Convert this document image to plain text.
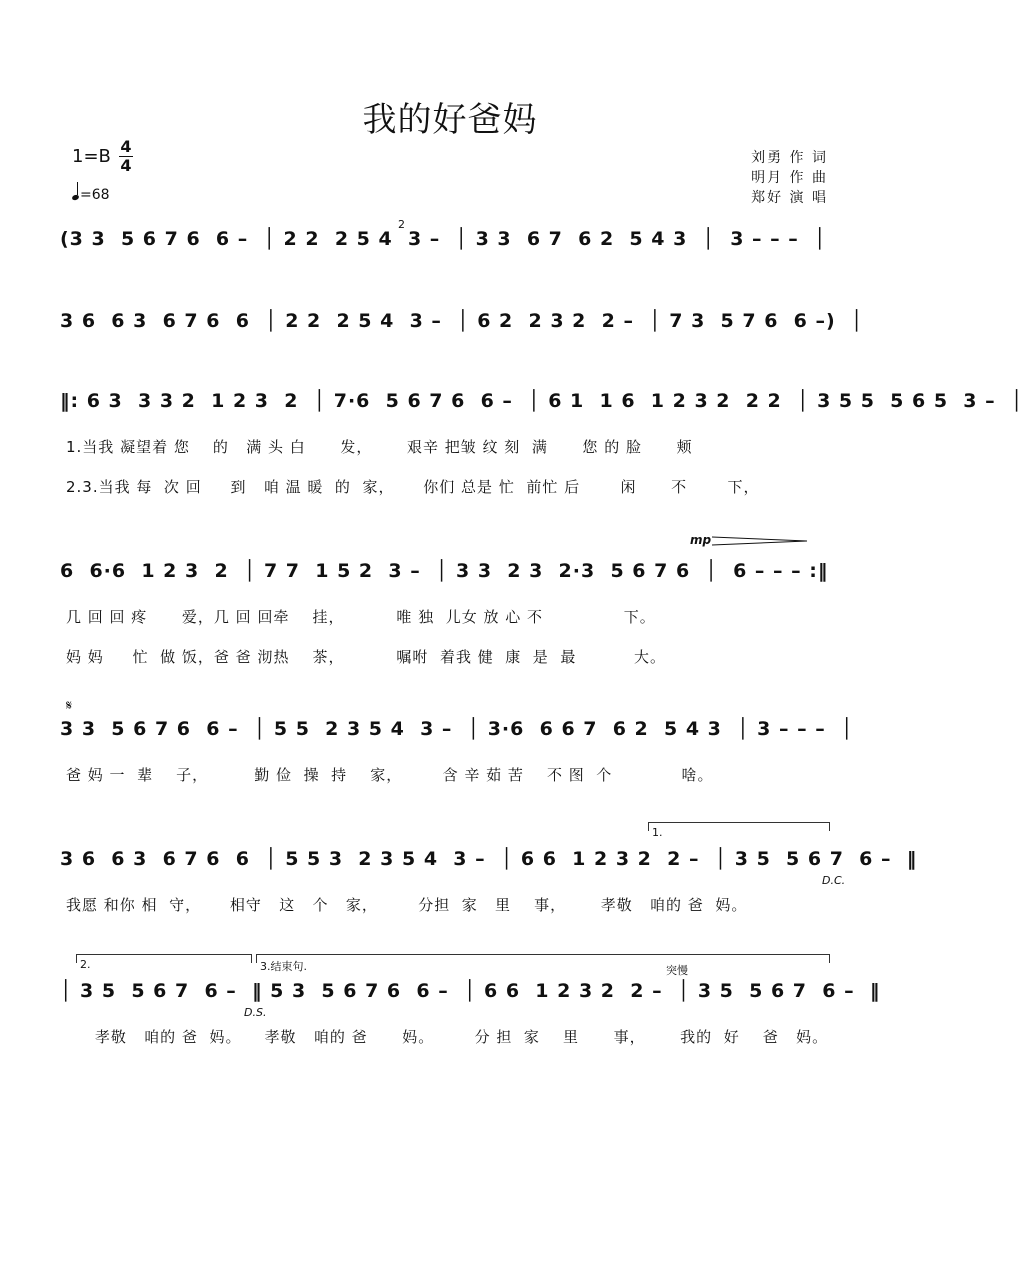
我的好爸妈
1=B 4
4
=68
刘勇 作 词
明月 作 曲
郑好 演 唱
(3 3  5 6 7 6  6 –  │ 2 2  2 5 4  3 –  │ 3 3  6 7  6 2  5 4 3  │  3 – – –  │
2
3 6  6 3  6 7 6  6  │ 2 2  2 5 4  3 –  │ 6 2  2 3 2  2 –  │ 7 3  5 7 6  6 –)  │
‖: 6 3  3 3 2  1 2 3  2  │ 7·6  5 6 7 6  6 –  │ 6 1  1 6  1 2 3 2  2 2  │ 3 5 5  5 6 5  3 –  │
1.当我 凝望着 您    的   满 头 白      发，      艰辛 把皱 纹 刻  满      您 的 脸      颊
2.3.当我 每  次 回     到   咱 温 暖  的  家，     你们 总是 忙  前忙 后       闲      不       下，
mp
6  6·6  1 2 3  2  │ 7 7  1 5 2  3 –  │ 3 3  2 3  2·3  5 6 7 6  │  6 – – – :‖
几 回 回 疼      爱，几 回 回牵    挂，         唯 独  儿女 放 心 不              下。
妈 妈     忙  做 饭，爸 爸 沏热    茶，         嘱咐  着我 健  康  是  最          大。
𝄋
3 3  5 6 7 6  6 –  │ 5 5  2 3 5 4  3 –  │ 3·6  6 6 7  6 2  5 4 3  │ 3 – – –  │
爸 妈 一  辈    子，        勤 俭  操  持    家，       含 辛 茹 苦    不 图  个            啥。
1.
3 6  6 3  6 7 6  6  │ 5 5 3  2 3 5 4  3 –  │ 6 6  1 2 3 2  2 –  │ 3 5  5 6 7  6 –  ‖
D.C.
我愿 和你 相  守，     相守   这   个   家，       分担  家   里    事，      孝敬   咱的 爸  妈。
2.	3.结束句.	突慢
│ 3 5  5 6 7  6 –  ‖ 5 3  5 6 7 6  6 –  │ 6 6  1 2 3 2  2 –  │ 3 5  5 6 7  6 –  ‖
D.S.
孝敬   咱的 爸  妈。    孝敬   咱的 爸      妈。       分 担  家    里      事，      我的  好    爸   妈。
